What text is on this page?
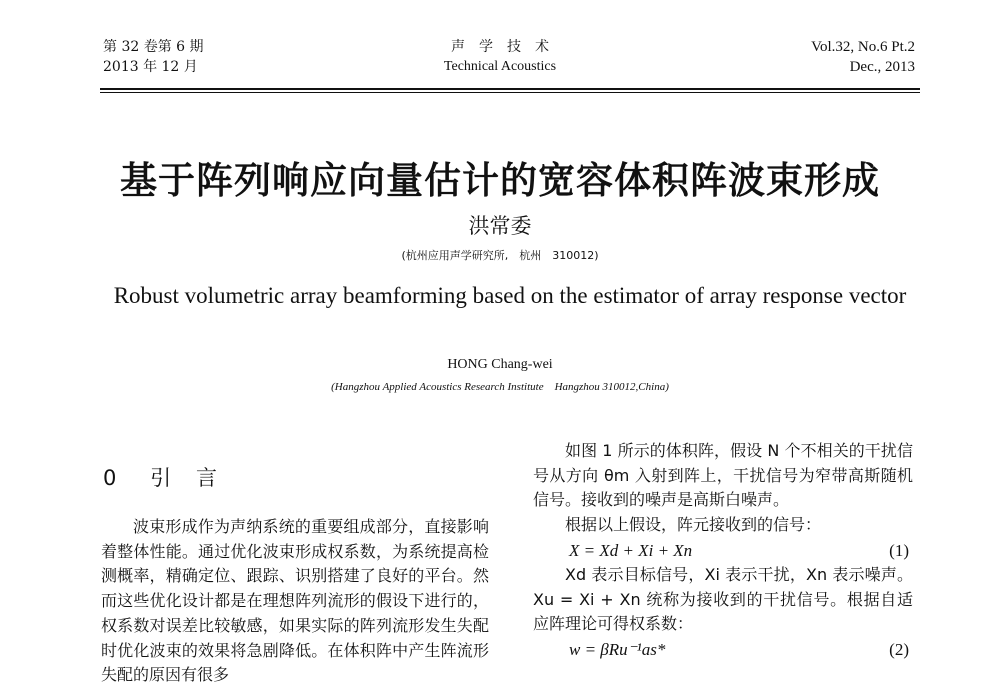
第 32 卷第 6 期
2013 年 12 月
声　学　技　术
Technical Acoustics
Vol.32, No.6 Pt.2
Dec., 2013
基于阵列响应向量估计的宽容体积阵波束形成
洪常委
(杭州应用声学研究所,　杭州　310012)
Robust volumetric array beamforming based on the estimator of array response vector
HONG Chang-wei
(Hangzhou Applied Acoustics Research Institute　Hangzhou 310012,China)
0　 引　言

波束形成作为声纳系统的重要组成部分，直接影响着整体性能。通过优化波束形成权系数，为系统提高检测概率，精确定位、跟踪、识别搭建了良好的平台。然而这些优化设计都是在理想阵列流形的假设下进行的，权系数对误差比较敏感，如果实际的阵列流形发生失配时优化波束的效果将急剧降低。在体积阵中产生阵流形失配的原因有很多

如图 1 所示的体积阵，假设 N 个不相关的干扰信号从方向 θm 入射到阵上，干扰信号为窄带高斯随机信号。接收到的噪声是高斯白噪声。

根据以上假设，阵元接收到的信号：

X = Xd + Xi + Xn	(1)

Xd 表示目标信号，Xi 表示干扰，Xn 表示噪声。Xu = Xi + Xn 统称为接收到的干扰信号。根据自适应阵理论可得权系数：

w = βRu⁻¹as*	(2)
